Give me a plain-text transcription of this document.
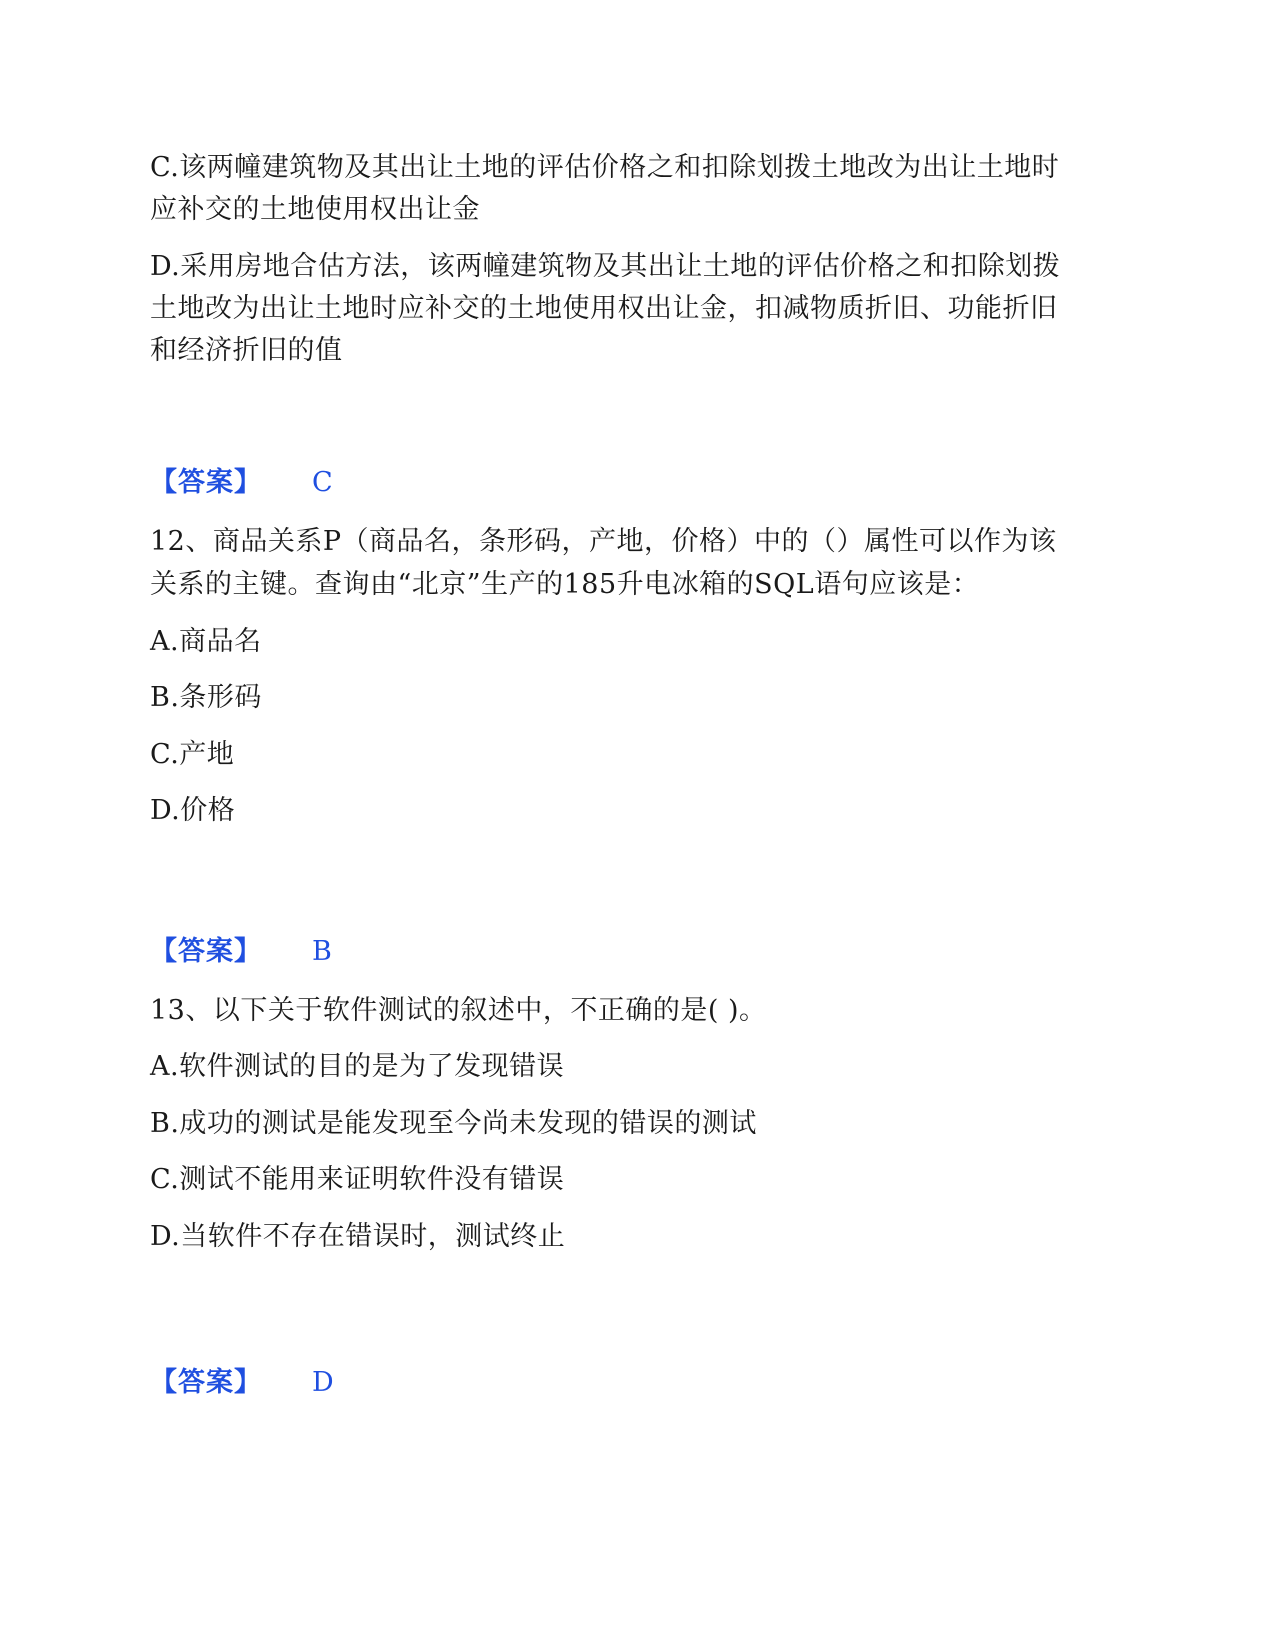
C.该两幢建筑物及其出让土地的评估价格之和扣除划拨土地改为出让土地时
应补交的土地使用权出让金
D.采用房地合估方法，该两幢建筑物及其出让土地的评估价格之和扣除划拨
土地改为出让土地时应补交的土地使用权出让金，扣减物质折旧、功能折旧
和经济折旧的值
【答案】 C
12、商品关系P（商品名，条形码，产地，价格）中的（）属性可以作为该
关系的主键。查询由“北京”生产的185升电冰箱的SQL语句应该是：
A.商品名
B.条形码
C.产地
D.价格
【答案】 B
13、以下关于软件测试的叙述中，不正确的是( )。
A.软件测试的目的是为了发现错误
B.成功的测试是能发现至今尚未发现的错误的测试
C.测试不能用来证明软件没有错误
D.当软件不存在错误时，测试终止
【答案】 D
